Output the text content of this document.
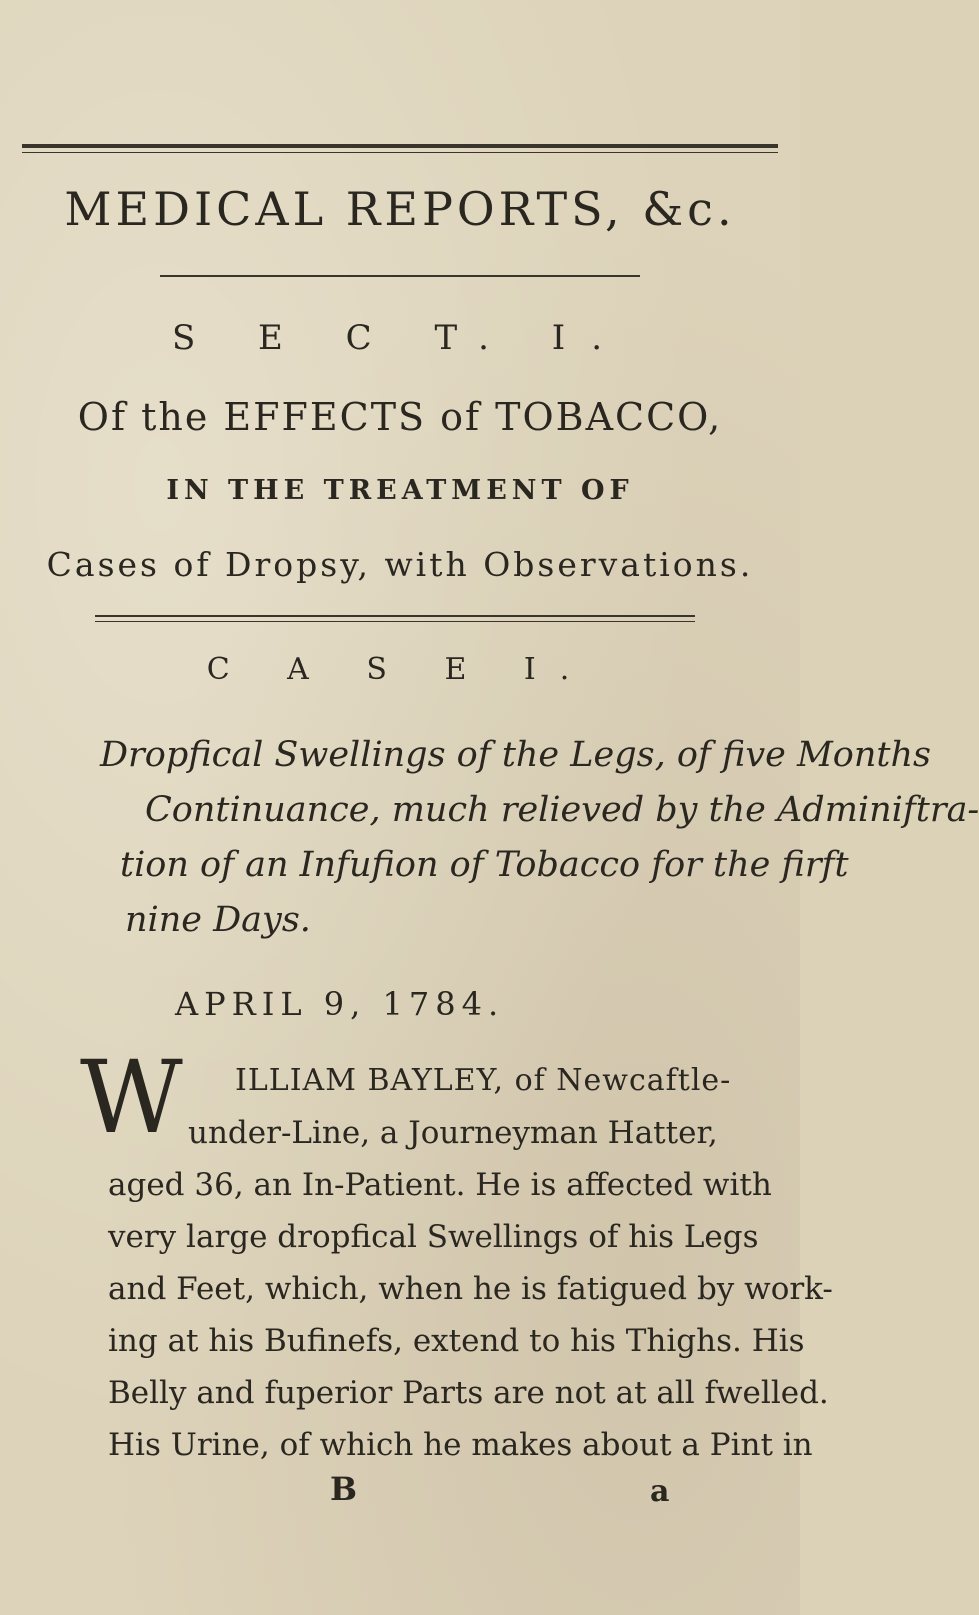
MEDICAL REPORTS, &c.
S E C T. I.
Of the EFFECTS of TOBACCO,
IN THE TREATMENT OF
Cases of Dropsy, with Observations.
C A S E I.
Dropfical Swellings of the Legs, of five Months
Continuance, much relieved by the Adminiftra-
tion of an Infufion of Tobacco for the firft
nine Days.
APRIL 9, 1784.
W ILLIAM BAYLEY, of Newcaftle-
under-Line, a Journeyman Hatter,
aged 36, an In-Patient. He is affected with
very large dropfical Swellings of his Legs
and Feet, which, when he is fatigued by work-
ing at his Bufinefs, extend to his Thighs. His
Belly and fuperior Parts are not at all fwelled.
His Urine, of which he makes about a Pint in
B	a
